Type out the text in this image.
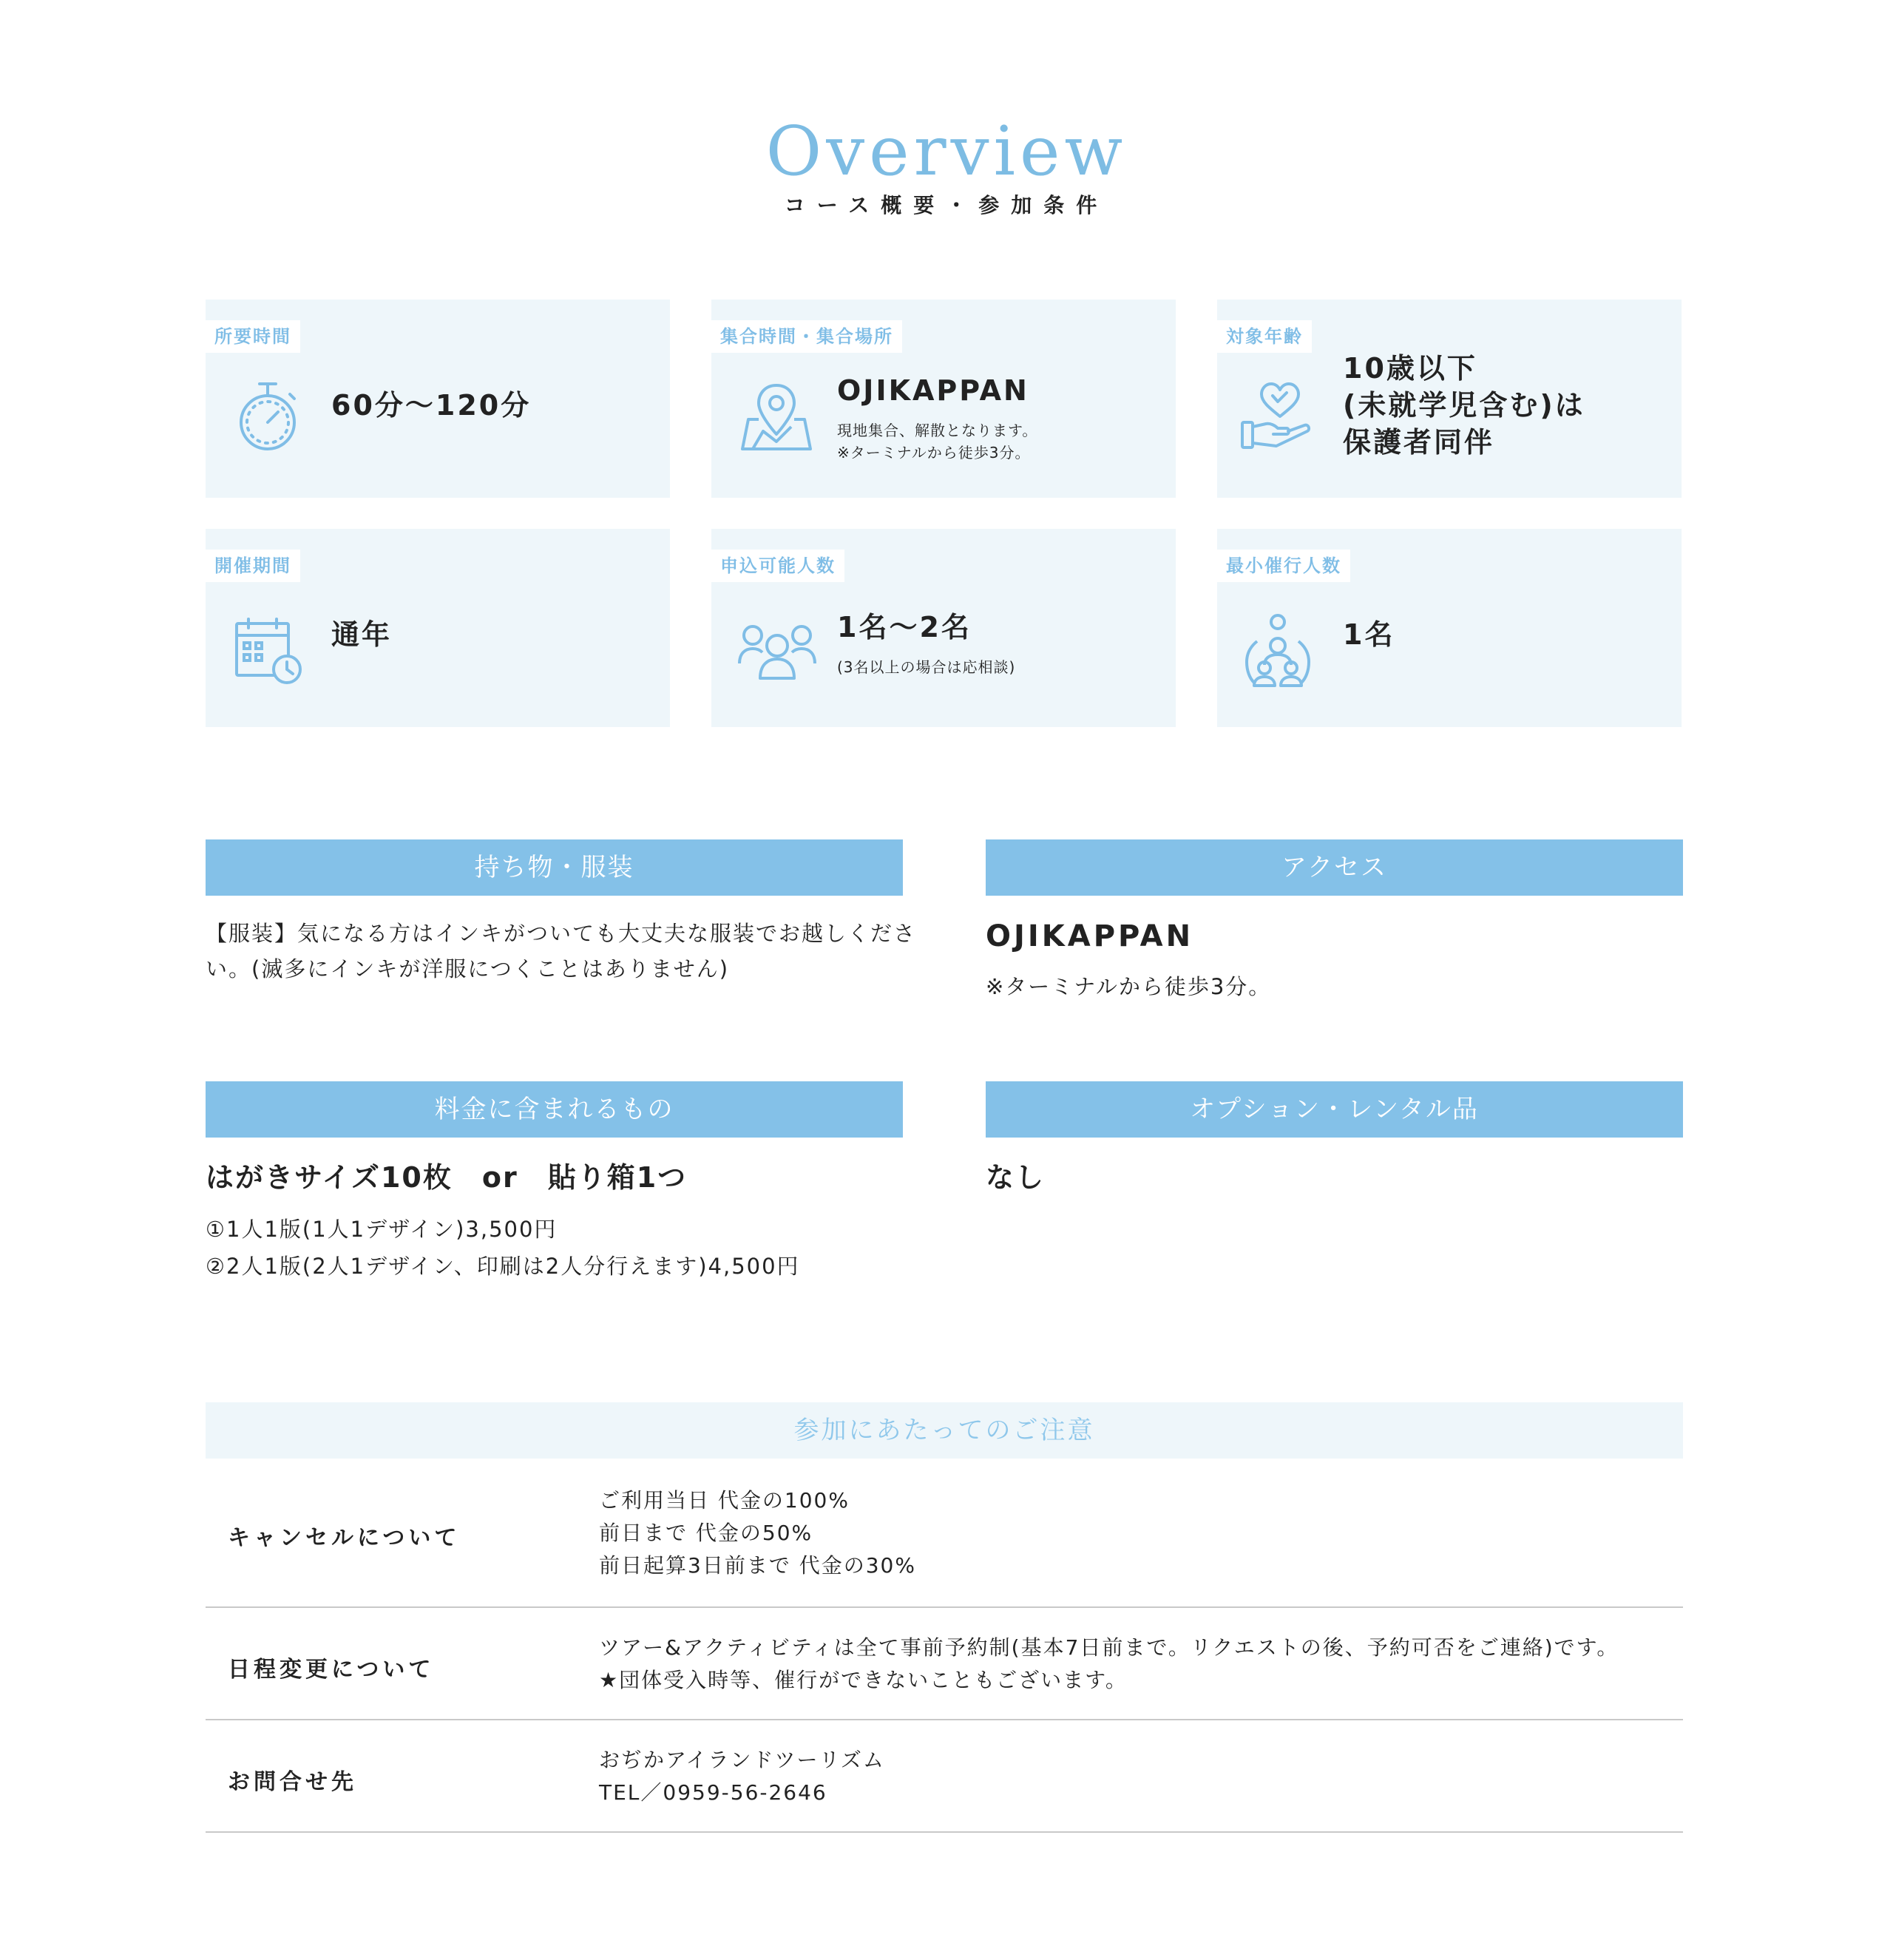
Overview
コース概要・参加条件
所要時間
60分〜120分
集合時間・集合場所
OJIKAPPAN
現地集合、解散となります。
※ターミナルから徒歩3分。
対象年齢
10歳以下
(未就学児含む)は
保護者同伴
開催期間
通年
申込可能人数
1名〜2名
(3名以上の場合は応相談)
最小催行人数
1名
持ち物・服装
【服装】気になる方はインキがついても大丈夫な服装でお越しくださ
い。(滅多にインキが洋服につくことはありません)
アクセス
OJIKAPPAN
※ターミナルから徒歩3分。
料金に含まれるもの
はがきサイズ10枚　or　貼り箱1つ
①1人1版(1人1デザイン)3,500円
②2人1版(2人1デザイン、印刷は2人分行えます)4,500円
オプション・レンタル品
なし
参加にあたってのご注意
キャンセルについて
ご利用当日 代金の100%
前日まで 代金の50%
前日起算3日前まで 代金の30%
日程変更について
ツアー&アクティビティは全て事前予約制(基本7日前まで。リクエストの後、予約可否をご連絡)です。
★団体受入時等、催行ができないこともございます。
お問合せ先
おぢかアイランドツーリズム
TEL／0959-56-2646
